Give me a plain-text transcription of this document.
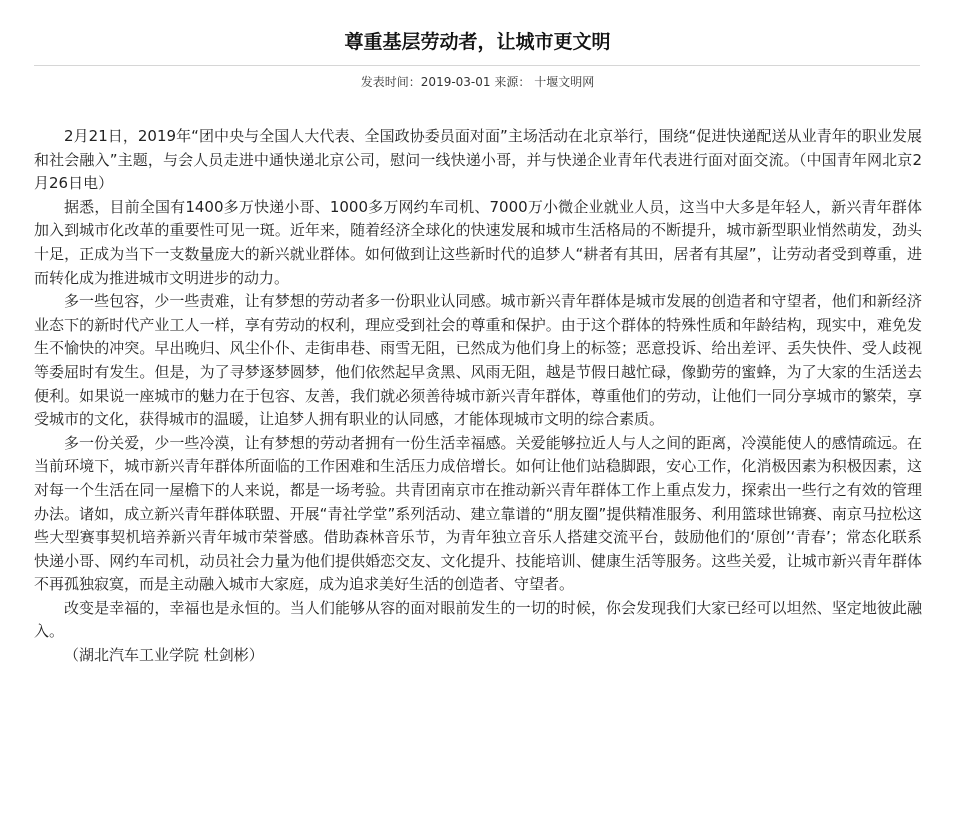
尊重基层劳动者，让城市更文明
发表时间：2019-03-01 来源： 十堰文明网

2月21日，2019年“团中央与全国人大代表、全国政协委员面对面”主场活动在北京举行，围绕“促进快递配送从业青年的职业发展和社会融入”主题，与会人员走进中通快递北京公司，慰问一线快递小哥，并与快递企业青年代表进行面对面交流。（中国青年网北京2月26日电）

据悉，目前全国有1400多万快递小哥、1000多万网约车司机、7000万小微企业就业人员，这当中大多是年轻人，新兴青年群体加入到城市化改革的重要性可见一斑。近年来，随着经济全球化的快速发展和城市生活格局的不断提升，城市新型职业悄然萌发，劲头十足，正成为当下一支数量庞大的新兴就业群体。如何做到让这些新时代的追梦人“耕者有其田，居者有其屋”，让劳动者受到尊重，进而转化成为推进城市文明进步的动力。

多一些包容，少一些责难，让有梦想的劳动者多一份职业认同感。城市新兴青年群体是城市发展的创造者和守望者，他们和新经济业态下的新时代产业工人一样，享有劳动的权利，理应受到社会的尊重和保护。由于这个群体的特殊性质和年龄结构，现实中，难免发生不愉快的冲突。早出晚归、风尘仆仆、走街串巷、雨雪无阻，已然成为他们身上的标签；恶意投诉、给出差评、丢失快件、受人歧视等委屈时有发生。但是，为了寻梦逐梦圆梦，他们依然起早贪黑、风雨无阻，越是节假日越忙碌，像勤劳的蜜蜂，为了大家的生活送去便利。如果说一座城市的魅力在于包容、友善，我们就必须善待城市新兴青年群体，尊重他们的劳动，让他们一同分享城市的繁荣，享受城市的文化，获得城市的温暖，让追梦人拥有职业的认同感，才能体现城市文明的综合素质。

多一份关爱，少一些冷漠，让有梦想的劳动者拥有一份生活幸福感。关爱能够拉近人与人之间的距离，冷漠能使人的感情疏远。在当前环境下，城市新兴青年群体所面临的工作困难和生活压力成倍增长。如何让他们站稳脚跟，安心工作，化消极因素为积极因素，这对每一个生活在同一屋檐下的人来说，都是一场考验。共青团南京市在推动新兴青年群体工作上重点发力，探索出一些行之有效的管理办法。诸如，成立新兴青年群体联盟、开展“青社学堂”系列活动、建立靠谱的“朋友圈”提供精准服务、利用篮球世锦赛、南京马拉松这些大型赛事契机培养新兴青年城市荣誉感。借助森林音乐节，为青年独立音乐人搭建交流平台，鼓励他们的‘原创’‘青春’；常态化联系快递小哥、网约车司机，动员社会力量为他们提供婚恋交友、文化提升、技能培训、健康生活等服务。这些关爱，让城市新兴青年群体不再孤独寂寞，而是主动融入城市大家庭，成为追求美好生活的创造者、守望者。

改变是幸福的，幸福也是永恒的。当人们能够从容的面对眼前发生的一切的时候，你会发现我们大家已经可以坦然、坚定地彼此融入。

（湖北汽车工业学院 杜剑彬）
